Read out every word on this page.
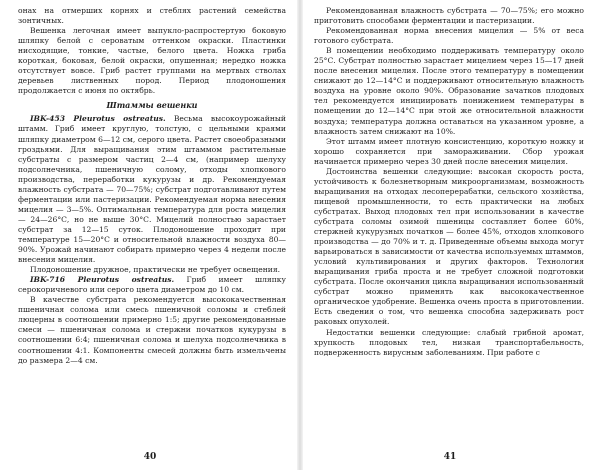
онах на отмерших корнях и стеблях растений семейства зонтичных.

Вешенка легочная имеет выпукло-распростертую боковую шляпку белой с сероватым оттенком окраски. Пластинки нисходящие, тонкие, частые, белого цвета. Ножка гриба короткая, боковая, белой окраски, опушенная; нередко ножка отсутствует вовсе. Гриб растет группами на мертвых стволах деревьев лиственных пород. Период плодоношения продолжается с июня по октябрь.

Штаммы вешенки

IBK-453 Pleurotus ostreatus. Весьма высокоурожайный штамм. Гриб имеет круглую, толстую, с цельными краями шляпку диаметром 6—12 см, серого цвета. Растет своеобразными гроздьями. Для выращивания этим штаммом растительные субстраты с размером частиц 2—4 см, (например шелуху подсолнечника, пшеничную солому, отходы хлопкового производства, переработки кукурузы и др. Рекомендуемая влажность субстрата — 70—75%; субстрат подготавливают путем ферментации или пастеризации. Рекомендуемая норма внесения мицелия — 3—5%. Оптимальная температура для роста мицелия — 24—26°С, но не выше 30°С. Мицелий полностью зарастает субстрат за 12—15 суток. Плодоношение проходит при температуре 15—20°С и относительной влажности воздуха 80—90%. Урожай начинают собирать примерно через 4 недели после внесения мицелия.

Плодоношение дружное, практически не требует освещения.

IBK-716 Pleurotus ostreatus. Гриб имеет шляпку серокоричневого или серого цвета диаметром до 10 см.

В качестве субстрата рекомендуется высококачественная пшеничная солома или смесь пшеничной соломы и стеблей люцерны в соотношении примерно 1:5; другие рекомендованные смеси — пшеничная солома и стержни початков кукурузы в соотношении 6:4; пшеничная солома и шелуха подсолнечника в соотношении 4:1. Компоненты смесей должны быть измельчены до размера 2—4 см.

40

Рекомендованная влажность субстрата — 70—75%; его можно приготовить способами ферментации и пастеризации.

Рекомендованная норма внесения мицелия — 5% от веса готового субстрата.

В помещении необходимо поддерживать температуру около 25°С. Субстрат полностью зарастает мицелием через 15—17 дней после внесения мицелия. После этого температуру в помещении снижают до 12—14°С и поддерживают относительную влажность воздуха на уровне около 90%. Образование зачатков плодовых тел рекомендуется инициировать понижением температуры в помещении до 12—14°С при этой же относительной влажности воздуха; температура должна оставаться на указанном уровне, а влажность затем снижают на 10%.

Этот штамм имеет плотную консистенцию, короткую ножку и хорошо сохраняется при замораживании. Сбор урожая начинается примерно через 30 дней после внесения мицелия.

Достоинства вешенки следующие: высокая скорость роста, устойчивость к болезнетворным микроорганизмам, возможность выращивания на отходах лесоперерабатки, сельского хозяйства, пищевой промышленности, то есть практически на любых субстратах. Выход плодовых тел при использовании в качестве субстрата соломы озимой пшеницы составляет более 60%, стержней кукурузных початков — более 45%, отходов хлопкового производства — до 70% и т. д. Приведенные объемы выхода могут варьироваться в зависимости от качества используемых штаммов, условий культивирования и других факторов. Технология выращивания гриба проста и не требует сложной подготовки субстрата. После окончания цикла выращивания использованный субстрат можно применять как высококачественное органическое удобрение. Вешенка очень проста в приготовлении. Есть сведения о том, что вешенка способна задерживать рост раковых опухолей.

Недостатки вешенки следующие: слабый грибной аромат, хрупкость плодовых тел, низкая транспортабельность, подверженность вирусным заболеваниям. При работе с

41
